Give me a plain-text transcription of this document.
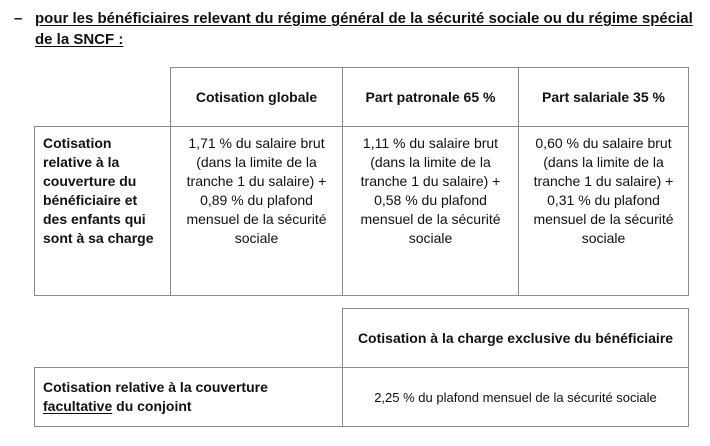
– pour les bénéficiaires relevant du régime général de la sécurité sociale ou du régime spécial de la SNCF :
	Cotisation globale	Part patronale 65 %	Part salariale 35 %
Cotisation relative à la couverture du bénéficiaire et des enfants qui sont à sa charge	1,71 % du salaire brut (dans la limite de la tranche 1 du salaire) + 0,89 % du plafond mensuel de la sécurité sociale	1,11 % du salaire brut (dans la limite de la tranche 1 du salaire) + 0,58 % du plafond mensuel de la sécurité sociale	0,60 % du salaire brut (dans la limite de la tranche 1 du salaire) + 0,31 % du plafond mensuel de la sécurité sociale
	Cotisation à la charge exclusive du bénéficiaire
Cotisation relative à la couverture facultative du conjoint	2,25 % du plafond mensuel de la sécurité sociale
